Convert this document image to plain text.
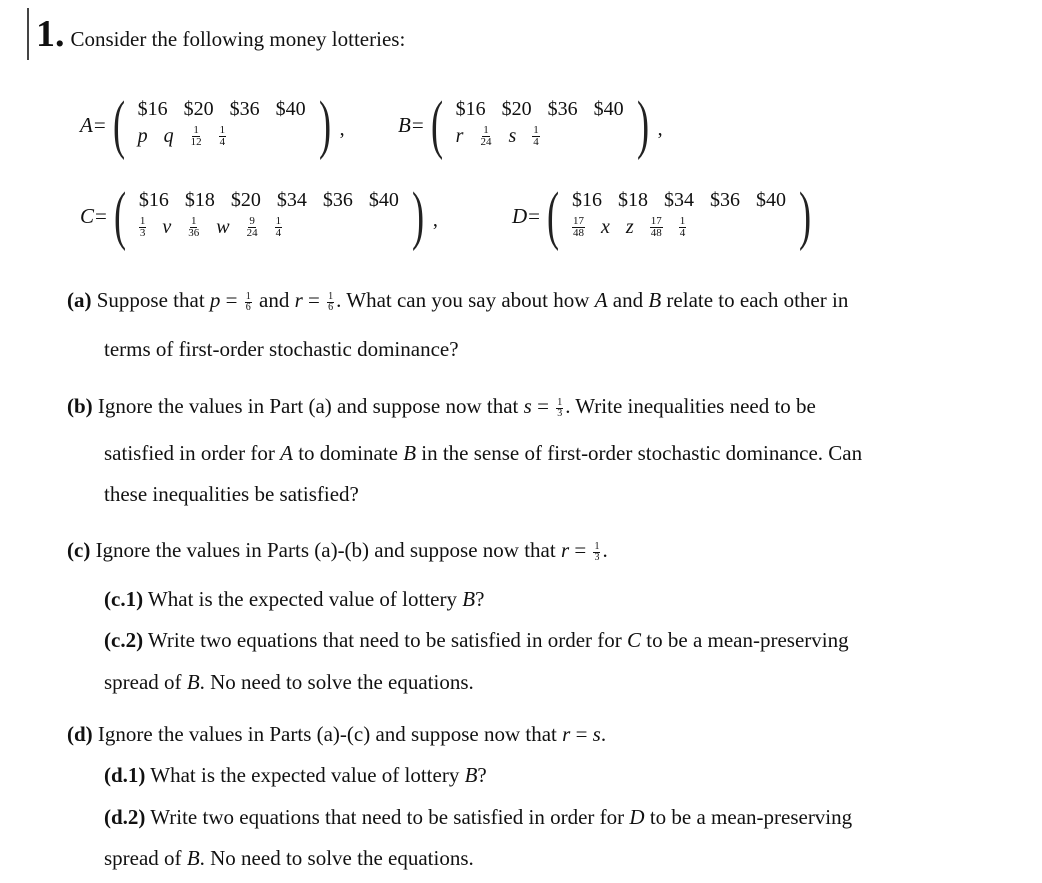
1. Consider the following money lotteries:
A = ( $16 $20 $36 $40
p q $\frac{1}{12} \frac{1}{4}$ ) ,	B = ( $16 $20 $36 $40
r $\frac{1}{24}$ s $\frac{1}{4}$ ) ,
C = ( $16 $18 $20 $34 $36 $40
$\frac{1}{3}$ v $\frac{1}{36}$ w $\frac{9}{24} \frac{1}{4}$ ) ,	D = ( $16 $18 $34 $36 $40
$\frac{17}{48}$ x z $\frac{17}{48} \frac{1}{4}$ )
(a) Suppose that $p = \frac{1}{6}$ and $r = \frac{1}{6}$ . What can you say about how A and B relate to each other in
terms of first-order stochastic dominance?
(b) Ignore the values in Part (a) and suppose now that $s = \frac{1}{3}$ . Write inequalities need to be
satisfied in order for A to dominate B in the sense of first-order stochastic dominance. Can
these inequalities be satisfied?
(c) Ignore the values in Parts (a)-(b) and suppose now that $r = \frac{1}{3}$ .
(c.1) What is the expected value of lottery B?
(c.2) Write two equations that need to be satisfied in order for C to be a mean-preserving
spread of B. No need to solve the equations.
(d) Ignore the values in Parts (a)-(c) and suppose now that r = s.
(d.1) What is the expected value of lottery B?
(d.2) Write two equations that need to be satisfied in order for D to be a mean-preserving
spread of B. No need to solve the equations.
